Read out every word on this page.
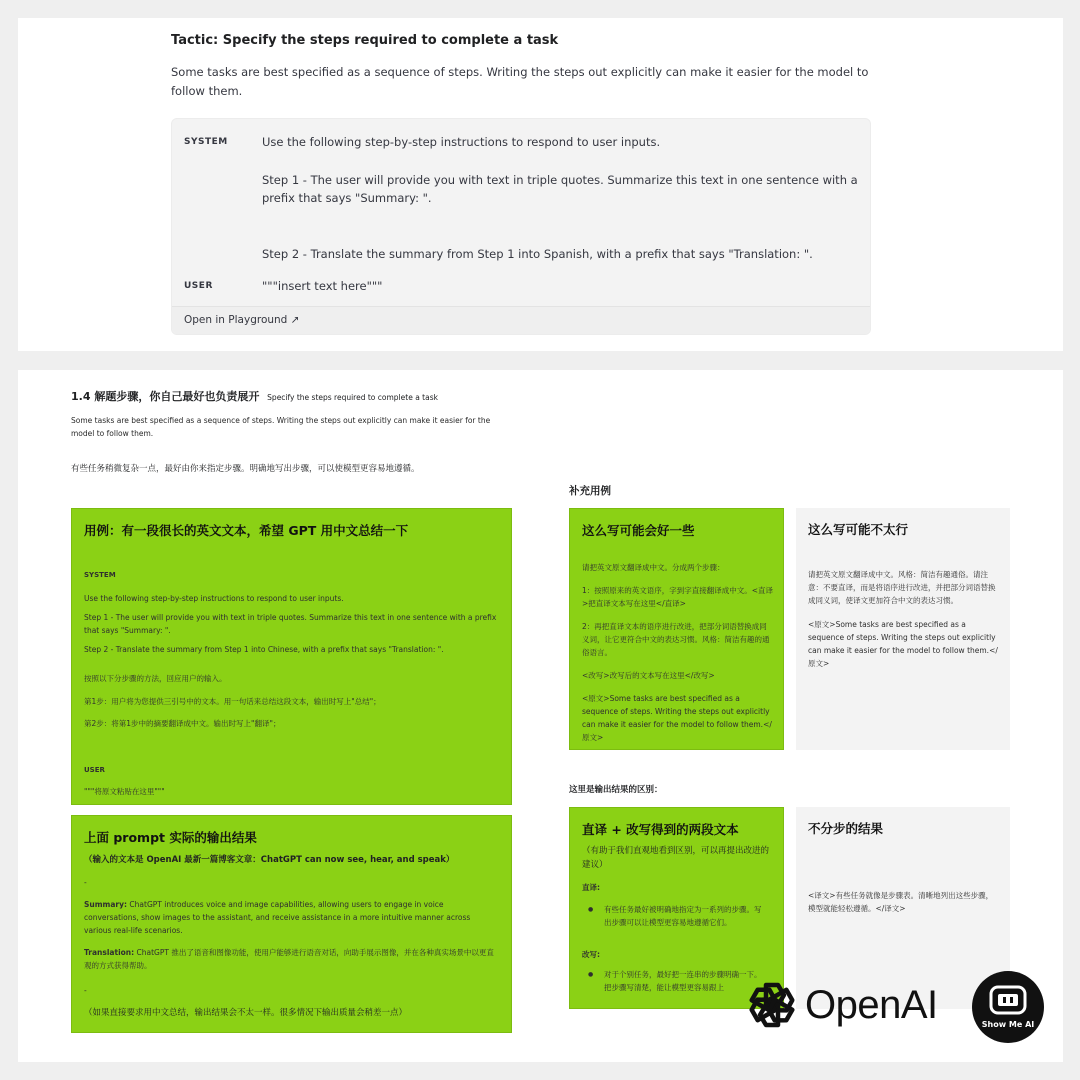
Tactic: Specify the steps required to complete a task
Some tasks are best specified as a sequence of steps. Writing the steps out explicitly can make it easier for the model to follow them.
SYSTEM	Use the following step-by-step instructions to respond to user inputs.
Step 1 - The user will provide you with text in triple quotes. Summarize this text in one sentence with a prefix that says "Summary: ".
Step 2 - Translate the summary from Step 1 into Spanish, with a prefix that says "Translation: ".
USER	"""insert text here"""
Open in Playground ↗
1.4 解题步骤，你自己最好也负责展开 Specify the steps required to complete a task
Some tasks are best specified as a sequence of steps. Writing the steps out explicitly can make it easier for the model to follow them.
有些任务稍微复杂一点，最好由你来指定步骤。明确地写出步骤，可以使模型更容易地遵循。
用例：有一段很长的英文文本，希望 GPT 用中文总结一下
SYSTEM
Use the following step-by-step instructions to respond to user inputs.
Step 1 - The user will provide you with text in triple quotes. Summarize this text in one sentence with a prefix that says "Summary: ".
Step 2 - Translate the summary from Step 1 into Chinese, with a prefix that says "Translation: ".
按照以下分步骤的方法，回应用户的输入。
第1步：用户将为您提供三引号中的文本。用一句话来总结这段文本，输出时写上"总结"；
第2步：将第1步中的摘要翻译成中文。输出时写上"翻译"；
USER
"""将原文粘贴在这里"""
上面 prompt 实际的输出结果
（输入的文本是 OpenAI 最新一篇博客文章：ChatGPT can now see, hear, and speak）
-
Summary: ChatGPT introduces voice and image capabilities, allowing users to engage in voice conversations, show images to the assistant, and receive assistance in a more intuitive manner across various real-life scenarios.
Translation: ChatGPT 推出了语音和图像功能，使用户能够进行语音对话，向助手展示图像，并在各种真实场景中以更直观的方式获得帮助。
-
（如果直接要求用中文总结，输出结果会不太一样。很多情况下输出质量会稍差一点）
补充用例
这么写可能会好一些
请把英文原文翻译成中文。分成两个步骤：
1：按照原来的英文语序，字到字直接翻译成中文。<直译>把直译文本写在这里</直译>
2：再把直译文本的语序进行改进，把部分词语替换成同义词，让它更符合中文的表达习惯。风格：简洁有趣的通俗语言。
<改写>改写后的文本写在这里</改写>
<原文>Some tasks are best specified as a sequence of steps. Writing the steps out explicitly can make it easier for the model to follow them.</原文>
这么写可能不太行
请把英文原文翻译成中文。风格：简洁有趣通俗。请注意：不要直译，而是将语序进行改进，并把部分词语替换成同义词，使译文更加符合中文的表达习惯。
<原文>Some tasks are best specified as a sequence of steps. Writing the steps out explicitly can make it easier for the model to follow them.</原文>
这里是输出结果的区别：
直译 + 改写得到的两段文本
（有助于我们直观地看到区别，可以再提出改进的建议）
直译:
● 有些任务最好被明确地指定为一系列的步骤。写出步骤可以让模型更容易地遵循它们。
改写:
● 对于个别任务，最好把一连串的步骤明确一下。把步骤写清楚，能让模型更容易跟上
不分步的结果
<译文>有些任务就像是步骤表。清晰地列出这些步骤，模型就能轻松遵循。</译文>
OpenAI	Show Me AI
